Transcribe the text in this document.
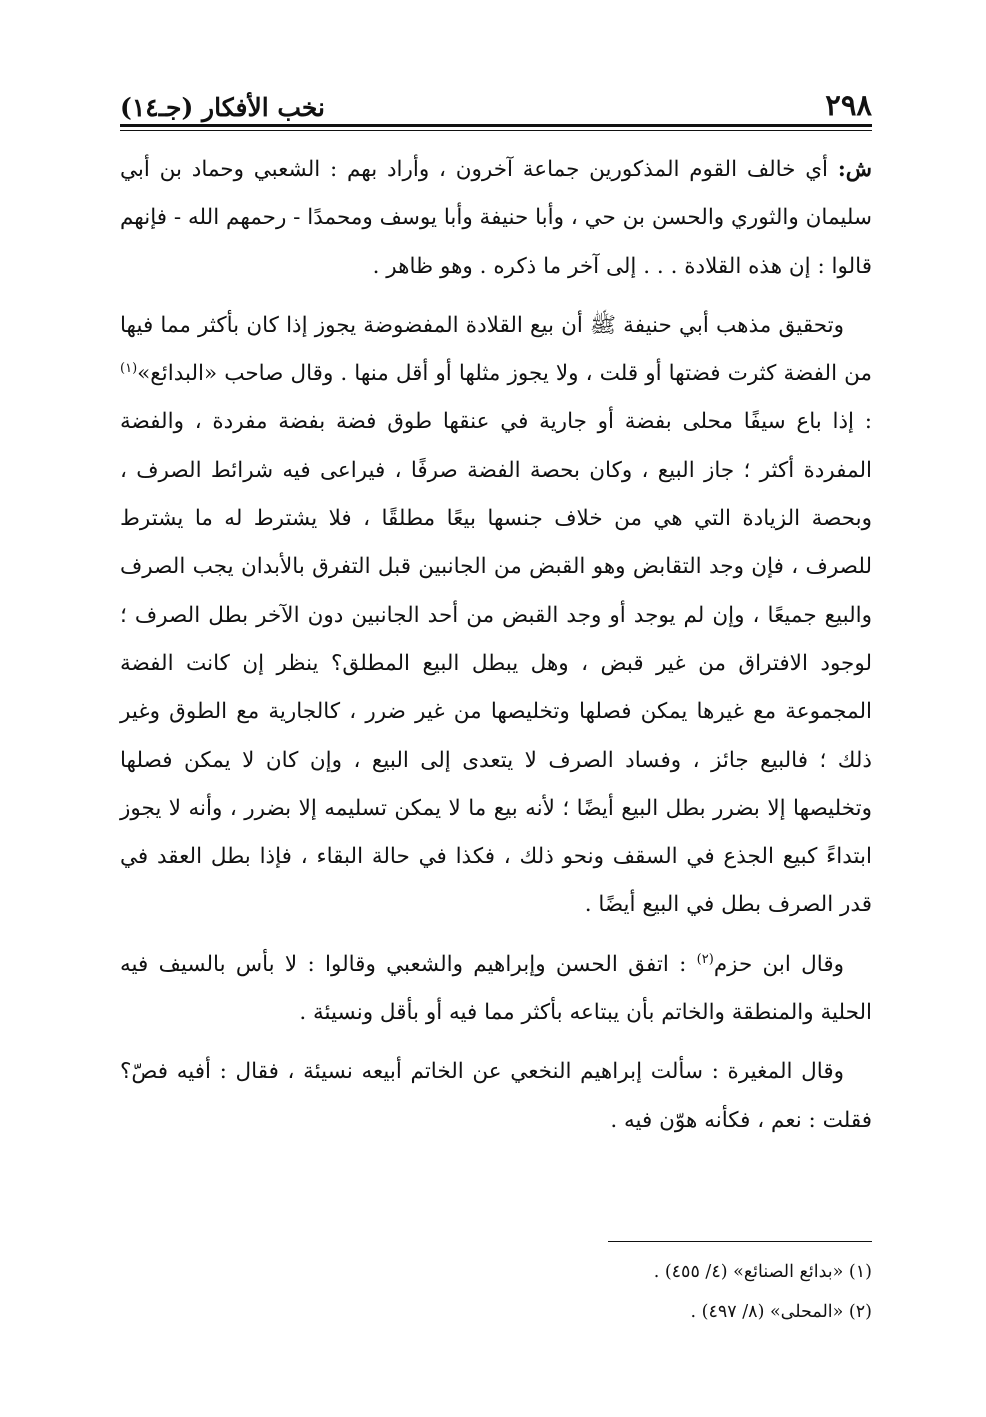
٢٩٨
نخب الأفكار (جـ١٤)

ش: أي خالف القوم المذكورين جماعة آخرون ، وأراد بهم : الشعبي وحماد بن أبي سليمان والثوري والحسن بن حي ، وأبا حنيفة وأبا يوسف ومحمدًا - رحمهم الله - فإنهم قالوا : إن هذه القلادة . . . إلى آخر ما ذكره . وهو ظاهر .

وتحقيق مذهب أبي حنيفة ﷺ أن بيع القلادة المفضوضة يجوز إذا كان بأكثر مما فيها من الفضة كثرت فضتها أو قلت ، ولا يجوز مثلها أو أقل منها . وقال صاحب «البدائع»$^{(١)}$ : إذا باع سيفًا محلى بفضة أو جارية في عنقها طوق فضة بفضة مفردة ، والفضة المفردة أكثر ؛ جاز البيع ، وكان بحصة الفضة صرفًا ، فيراعى فيه شرائط الصرف ، وبحصة الزيادة التي هي من خلاف جنسها بيعًا مطلقًا ، فلا يشترط له ما يشترط للصرف ، فإن وجد التقابض وهو القبض من الجانبين قبل التفرق بالأبدان يجب الصرف والبيع جميعًا ، وإن لم يوجد أو وجد القبض من أحد الجانبين دون الآخر بطل الصرف ؛ لوجود الافتراق من غير قبض ، وهل يبطل البيع المطلق؟ ينظر إن كانت الفضة المجموعة مع غيرها يمكن فصلها وتخليصها من غير ضرر ، كالجارية مع الطوق وغير ذلك ؛ فالبيع جائز ، وفساد الصرف لا يتعدى إلى البيع ، وإن كان لا يمكن فصلها وتخليصها إلا بضرر بطل البيع أيضًا ؛ لأنه بيع ما لا يمكن تسليمه إلا بضرر ، وأنه لا يجوز ابتداءً كبيع الجذع في السقف ونحو ذلك ، فكذا في حالة البقاء ، فإذا بطل العقد في قدر الصرف بطل في البيع أيضًا .

وقال ابن حزم$^{(٢)}$ : اتفق الحسن وإبراهيم والشعبي وقالوا : لا بأس بالسيف فيه الحلية والمنطقة والخاتم بأن يبتاعه بأكثر مما فيه أو بأقل ونسيئة .

وقال المغيرة : سألت إبراهيم النخعي عن الخاتم أبيعه نسيئة ، فقال : أفيه فصّ؟ فقلت : نعم ، فكأنه هوّن فيه .

(١) «بدائع الصنائع» (٤/ ٤٥٥) .

(٢) «المحلى» (٨/ ٤٩٧) .
